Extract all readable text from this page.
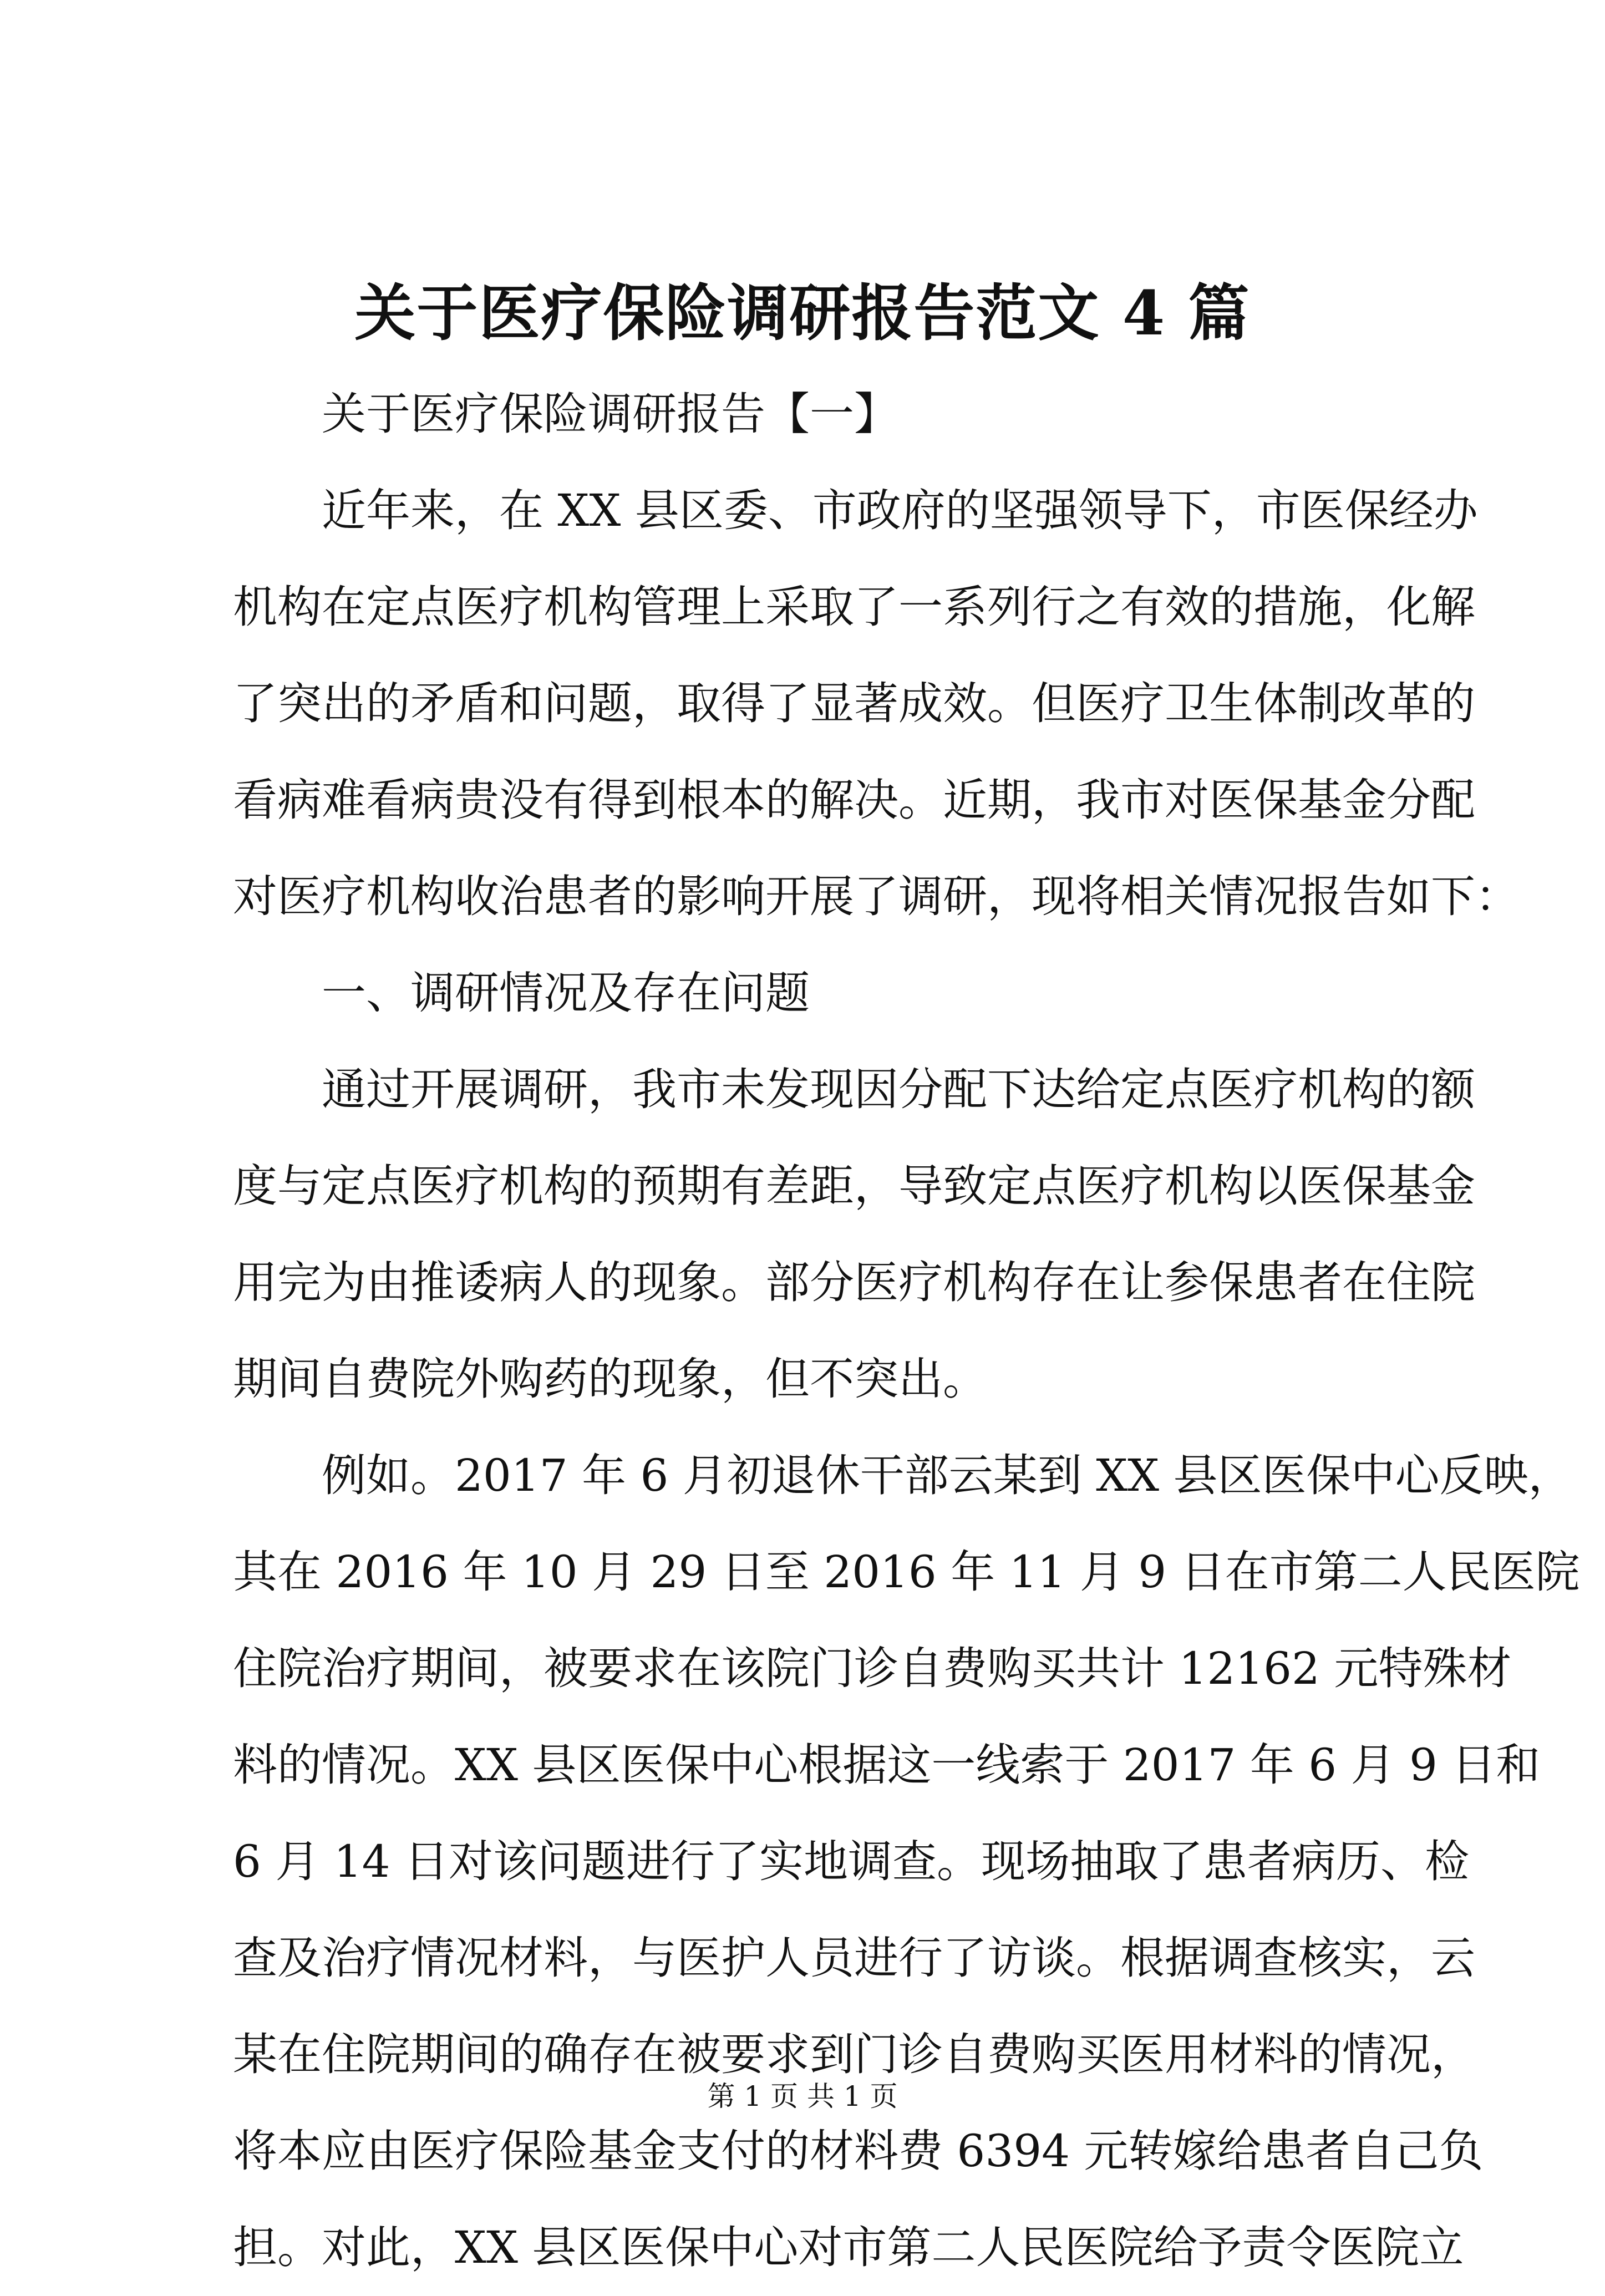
关于医疗保险调研报告范文 4 篇
关于医疗保险调研报告【一】
近年来，在 XX 县区委、市政府的坚强领导下，市医保经办
机构在定点医疗机构管理上采取了一系列行之有效的措施，化解
了突出的矛盾和问题，取得了显著成效。但医疗卫生体制改革的
看病难看病贵没有得到根本的解决。近期，我市对医保基金分配
对医疗机构收治患者的影响开展了调研，现将相关情况报告如下：
一、调研情况及存在问题
通过开展调研，我市未发现因分配下达给定点医疗机构的额
度与定点医疗机构的预期有差距，导致定点医疗机构以医保基金
用完为由推诿病人的现象。部分医疗机构存在让参保患者在住院
期间自费院外购药的现象，但不突出。
例如。2017 年 6 月初退休干部云某到 XX 县区医保中心反映，
其在 2016 年 10 月 29 日至 2016 年 11 月 9 日在市第二人民医院
住院治疗期间，被要求在该院门诊自费购买共计 12162 元特殊材
料的情况。XX 县区医保中心根据这一线索于 2017 年 6 月 9 日和
6 月 14 日对该问题进行了实地调查。现场抽取了患者病历、检
查及治疗情况材料，与医护人员进行了访谈。根据调查核实，云
某在住院期间的确存在被要求到门诊自费购买医用材料的情况，
将本应由医疗保险基金支付的材料费 6394 元转嫁给患者自己负
担。对此，XX 县区医保中心对市第二人民医院给予责令医院立
第 1 页 共 1 页
